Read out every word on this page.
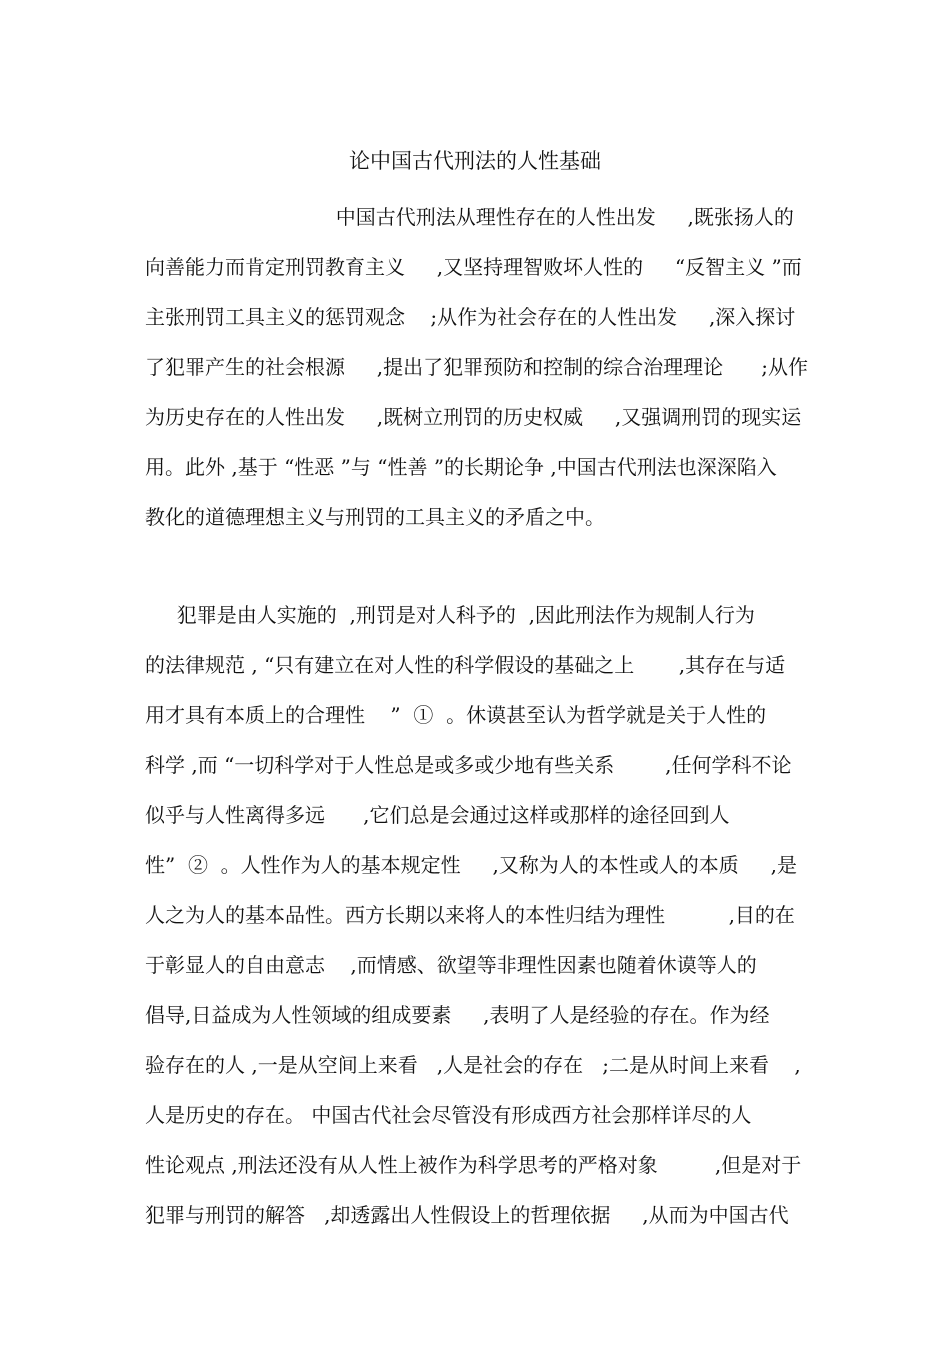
论中国古代刑法的人性基础
中国古代刑法从理性存在的人性出发     ,既张扬人的
向善能力而肯定刑罚教育主义     ,又坚持理智败坏人性的     “反智主义 ”而
主张刑罚工具主义的惩罚观念    ;从作为社会存在的人性出发     ,深入探讨
了犯罪产生的社会根源     ,提出了犯罪预防和控制的综合治理理论      ;从作
为历史存在的人性出发     ,既树立刑罚的历史权威     ,又强调刑罚的现实运
用。此外 ,基于 “性恶 ”与 “性善 ”的长期论争 ,中国古代刑法也深深陷入
教化的道德理想主义与刑罚的工具主义的矛盾之中。
犯罪是由人实施的  ,刑罚是对人科予的  ,因此刑法作为规制人行为
的法律规范 , “只有建立在对人性的科学假设的基础之上       ,其存在与适
用才具有本质上的合理性    ”  ①  。休谟甚至认为哲学就是关于人性的
科学 ,而 “一切科学对于人性总是或多或少地有些关系        ,任何学科不论
似乎与人性离得多远      ,它们总是会通过这样或那样的途径回到人
性”  ②  。人性作为人的基本规定性     ,又称为人的本性或人的本质     ,是
人之为人的基本品性。西方长期以来将人的本性归结为理性          ,目的在
于彰显人的自由意志    ,而情感、欲望等非理性因素也随着休谟等人的
倡导,日益成为人性领域的组成要素     ,表明了人是经验的存在。作为经
验存在的人 ,一是从空间上来看   ,人是社会的存在   ;二是从时间上来看    ,
人是历史的存在。 中国古代社会尽管没有形成西方社会那样详尽的人
性论观点 ,刑法还没有从人性上被作为科学思考的严格对象         ,但是对于
犯罪与刑罚的解答   ,却透露出人性假设上的哲理依据     ,从而为中国古代
